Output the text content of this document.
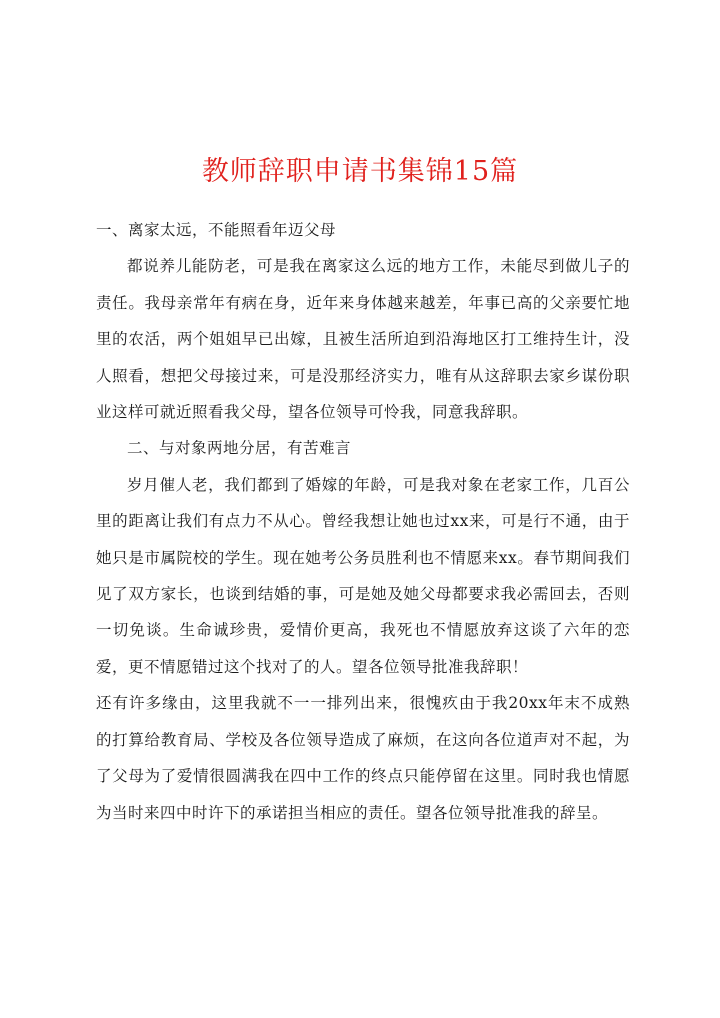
教师辞职申请书集锦15篇

一、离家太远，不能照看年迈父母

都说养儿能防老，可是我在离家这么远的地方工作，未能尽到做儿子的责任。我母亲常年有病在身，近年来身体越来越差，年事已高的父亲要忙地里的农活，两个姐姐早已出嫁，且被生活所迫到沿海地区打工维持生计，没人照看，想把父母接过来，可是没那经济实力，唯有从这辞职去家乡谋份职业这样可就近照看我父母，望各位领导可怜我，同意我辞职。

二、与对象两地分居，有苦难言

岁月催人老，我们都到了婚嫁的年龄，可是我对象在老家工作，几百公里的距离让我们有点力不从心。曾经我想让她也过xx来，可是行不通，由于她只是市属院校的学生。现在她考公务员胜利也不情愿来xx。春节期间我们见了双方家长，也谈到结婚的事，可是她及她父母都要求我必需回去，否则一切免谈。生命诚珍贵，爱情价更高，我死也不情愿放弃这谈了六年的恋爱，更不情愿错过这个找对了的人。望各位领导批准我辞职！

还有许多缘由，这里我就不一一排列出来，很愧疚由于我20xx年末不成熟的打算给教育局、学校及各位领导造成了麻烦，在这向各位道声对不起，为了父母为了爱情很圆满我在四中工作的终点只能停留在这里。同时我也情愿为当时来四中时许下的承诺担当相应的责任。望各位领导批准我的辞呈。
